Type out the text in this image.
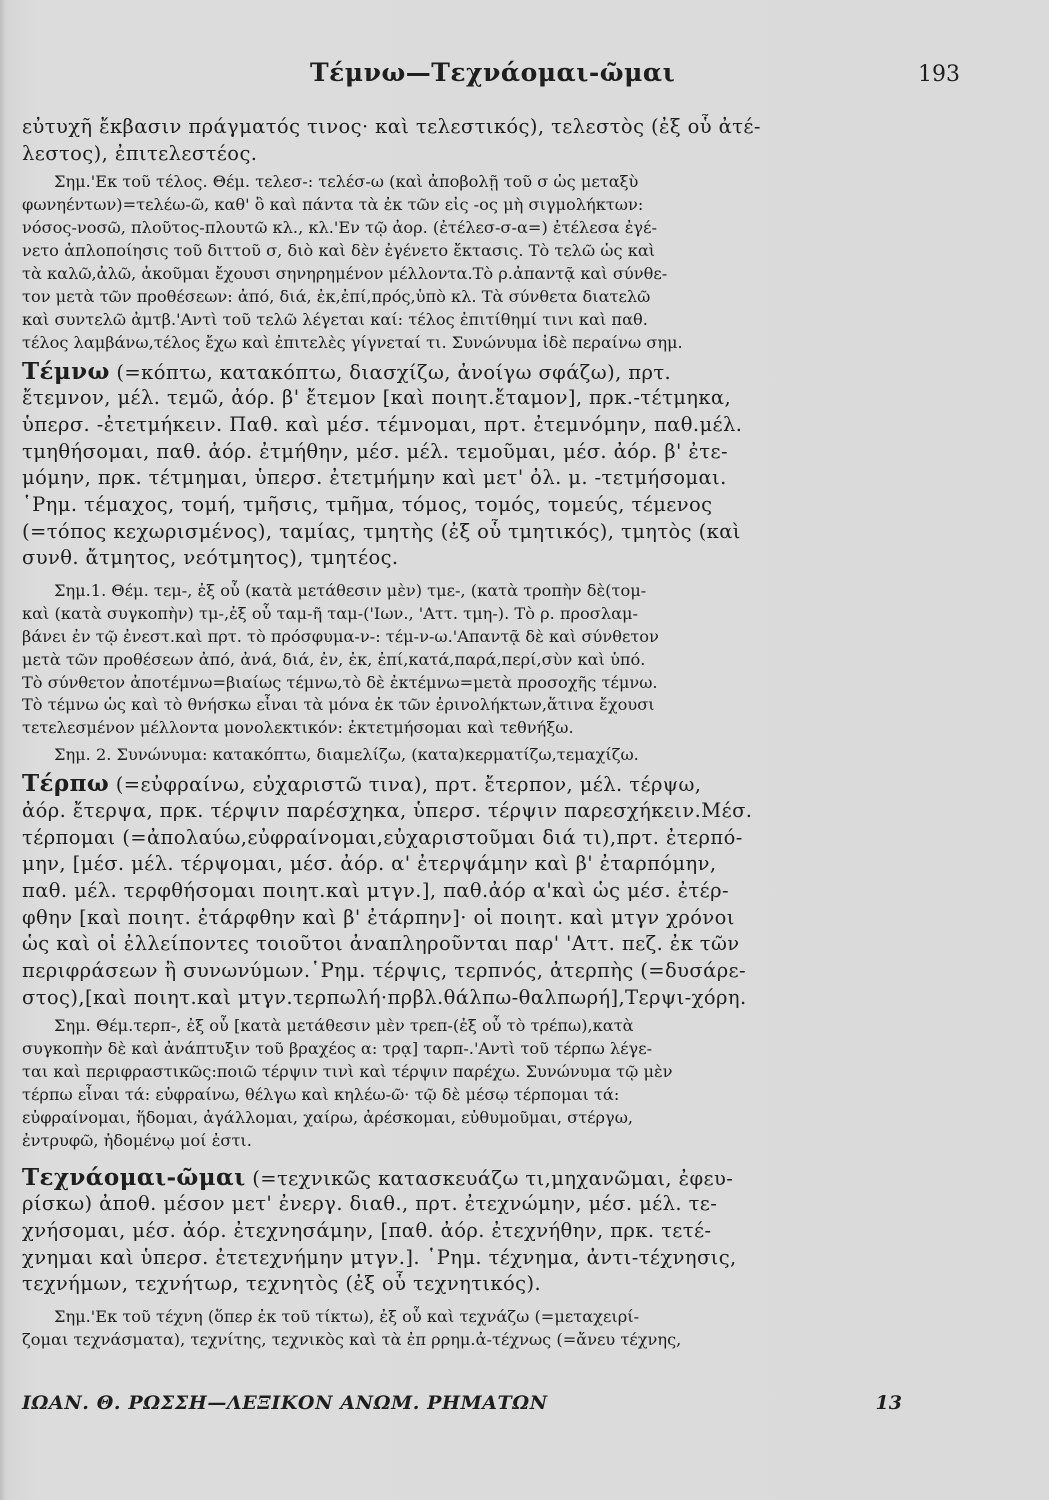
Τέμνω—Τεχνάομαι-ῶμαι	193
εὐτυχῆ ἔκβασιν πράγματός τινος· καὶ τελεστικός), τελεστὸς (ἐξ οὗ ἀτέ-
λεστος), ἐπιτελεστέος.
Σημ.'Εκ τοῦ τέλος. Θέμ. τελεσ-: τελέσ-ω (καὶ ἀποβολῇ τοῦ σ ὡς μεταξὺ
φωνηέντων)=τελέω-ῶ, καθ' ὃ καὶ πάντα τὰ ἐκ τῶν εἰς -ος μὴ σιγμολήκτων:
νόσος-νοσῶ, πλοῦτος-πλουτῶ κλ., κλ.'Εν τῷ ἀορ. (ἐτέλεσ-σ-α=) ἐτέλεσα ἐγέ-
νετο ἁπλοποίησις τοῦ διττοῦ σ, διὸ καὶ δὲν ἐγένετο ἔκτασις. Τὸ τελῶ ὡς καὶ
τὰ καλῶ,ἀλῶ, ἀκοῦμαι ἔχουσι σηνηρημένον μέλλοντα.Τὸ ρ.ἀπαντᾷ καὶ σύνθε-
τον μετὰ τῶν προθέσεων: ἀπό, διά, ἐκ,ἐπί,πρός,ὑπὸ κλ. Τὰ σύνθετα διατελῶ
καὶ συντελῶ ἀμτβ.'Αντὶ τοῦ τελῶ λέγεται καί: τέλος ἐπιτίθημί τινι καὶ παθ.
τέλος λαμβάνω,τέλος ἔχω καὶ ἐπιτελὲς γίγνεταί τι. Συνώνυμα ἰδὲ περαίνω σημ.
Τέμνω (=κόπτω, κατακόπτω, διασχίζω, ἀνοίγω σφάζω), πρτ.
ἔτεμνον, μέλ. τεμῶ, ἀόρ. β' ἔτεμον [καὶ ποιητ.ἔταμον], πρκ.-τέτμηκα,
ὑπερσ. -ἐτετμήκειν. Παθ. καὶ μέσ. τέμνομαι, πρτ. ἐτεμνόμην, παθ.μέλ.
τμηθήσομαι, παθ. ἀόρ. ἐτμήθην, μέσ. μέλ. τεμοῦμαι, μέσ. ἀόρ. β' ἐτε-
μόμην, πρκ. τέτμημαι, ὑπερσ. ἐτετμήμην καὶ μετ' ὀλ. μ. -τετμήσομαι.
῾Ρημ. τέμαχος, τομή, τμῆσις, τμῆμα, τόμος, τομός, τομεύς, τέμενος
(=τόπος κεχωρισμένος), ταμίας, τμητὴς (ἐξ οὗ τμητικός), τμητὸς (καὶ
συνθ. ἄτμητος, νεότμητος), τμητέος.
Σημ.1. Θέμ. τεμ-, ἐξ οὗ (κατὰ μετάθεσιν μὲν) τμε-, (κατὰ τροπὴν δὲ(τομ-
καὶ (κατὰ συγκοπὴν) τμ-,ἐξ οὗ ταμ-ῆ ταμ-('Ιων., 'Αττ. τμη-). Τὸ ρ. προσλαμ-
βάνει ἐν τῷ ἐνεστ.καὶ πρτ. τὸ πρόσφυμα-ν-: τέμ-ν-ω.'Απαντᾷ δὲ καὶ σύνθετον
μετὰ τῶν προθέσεων ἀπό, ἀνά, διά, ἐν, ἐκ, ἐπί,κατά,παρά,περί,σὺν καὶ ὑπό.
Τὸ σύνθετον ἀποτέμνω=βιαίως τέμνω,τὸ δὲ ἐκτέμνω=μετὰ προσοχῆς τέμνω.
Τὸ τέμνω ὡς καὶ τὸ θνήσκω εἶναι τὰ μόνα ἐκ τῶν ἐρινολήκτων,ἅτινα ἔχουσι
τετελεσμένον μέλλοντα μονολεκτικόν: ἐκτετμήσομαι καὶ τεθνήξω.
Σημ. 2. Συνώνυμα: κατακόπτω, διαμελίζω, (κατα)κερματίζω,τεμαχίζω.
Τέρπω (=εὐφραίνω, εὐχαριστῶ τινα), πρτ. ἔτερπον, μέλ. τέρψω,
ἀόρ. ἔτερψα, πρκ. τέρψιν παρέσχηκα, ὑπερσ. τέρψιν παρεσχήκειν.Μέσ.
τέρπομαι (=ἀπολαύω,εὐφραίνομαι,εὐχαριστοῦμαι διά τι),πρτ. ἐτερπό-
μην, [μέσ. μέλ. τέρψομαι, μέσ. ἀόρ. α' ἐτερψάμην καὶ β' ἐταρπόμην,
παθ. μέλ. τερφθήσομαι ποιητ.καὶ μτγν.], παθ.ἀόρ α'καὶ ὡς μέσ. ἐτέρ-
φθην [καὶ ποιητ. ἐτάρφθην καὶ β' ἐτάρπην]· οἱ ποιητ. καὶ μτγν χρόνοι
ὡς καὶ οἱ ἐλλείποντες τοιοῦτοι ἀναπληροῦνται παρ' 'Αττ. πεζ. ἐκ τῶν
περιφράσεων ἢ συνωνύμων.῾Ρημ. τέρψις, τερπνός, ἀτερπὴς (=δυσάρε-
στος),[καὶ ποιητ.καὶ μτγν.τερπωλή·πρβλ.θάλπω-θαλπωρή],Τερψι-χόρη.
Σημ. Θέμ.τερπ-, ἐξ οὗ [κατὰ μετάθεσιν μὲν τρεπ-(ἐξ οὗ τὸ τρέπω),κατὰ
συγκοπὴν δὲ καὶ ἀνάπτυξιν τοῦ βραχέος α: τρᾳ] ταρπ-.'Αντὶ τοῦ τέρπω λέγε-
ται καὶ περιφραστικῶς:ποιῶ τέρψιν τινὶ καὶ τέρψιν παρέχω. Συνώνυμα τῷ μὲν
τέρπω εἶναι τά: εὐφραίνω, θέλγω καὶ κηλέω-ῶ· τῷ δὲ μέσῳ τέρπομαι τά:
εὐφραίνομαι, ἥδομαι, ἀγάλλομαι, χαίρω, ἀρέσκομαι, εὐθυμοῦμαι, στέργω,
ἐντρυφῶ, ἡδομένῳ μοί ἐστι.
Τεχνάομαι-ῶμαι (=τεχνικῶς κατασκευάζω τι,μηχανῶμαι, ἐφευ-
ρίσκω) ἀποθ. μέσον μετ' ἐνεργ. διαθ., πρτ. ἐτεχνώμην, μέσ. μέλ. τε-
χνήσομαι, μέσ. ἀόρ. ἐτεχνησάμην, [παθ. ἀόρ. ἐτεχνήθην, πρκ. τετέ-
χνημαι καὶ ὑπερσ. ἐτετεχνήμην μτγν.]. ῾Ρημ. τέχνημα, ἀντι-τέχνησις,
τεχνήμων, τεχνήτωρ, τεχνητὸς (ἐξ οὗ τεχνητικός).
Σημ.'Εκ τοῦ τέχνη (ὅπερ ἐκ τοῦ τίκτω), ἐξ οὗ καὶ τεχνάζω (=μεταχειρί-
ζομαι τεχνάσματα), τεχνίτης, τεχνικὸς καὶ τὰ ἐπ ρρημ.ἀ-τέχνως (=ἄνευ τέχνης,
ΙΩΑΝ. Θ. ΡΩΣΣΗ—ΛΕΞΙΚΟΝ ΑΝΩΜ. ΡΗΜΑΤΩΝ	13
